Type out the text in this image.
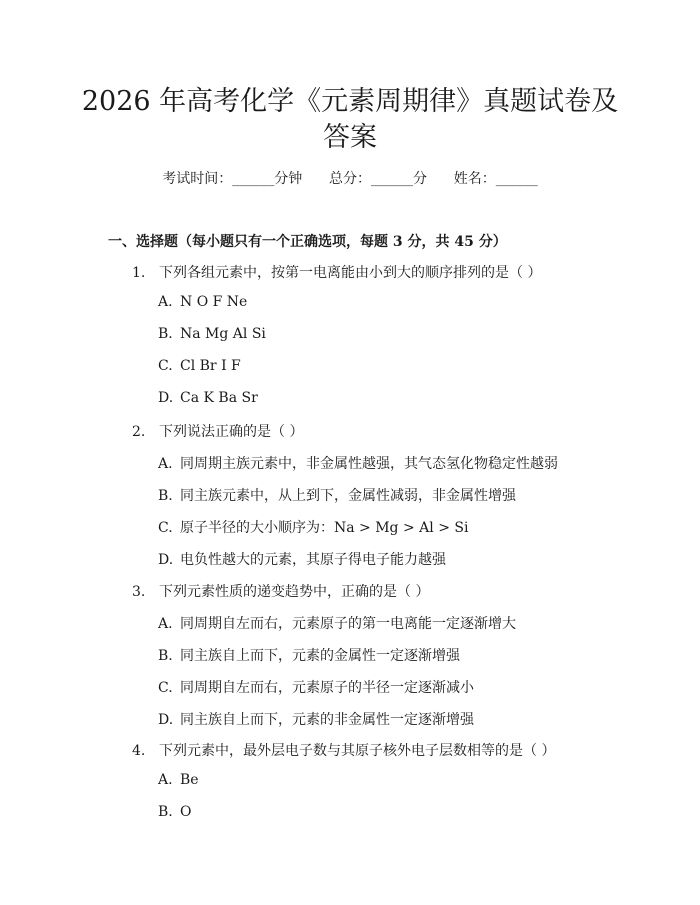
2026 年高考化学《元素周期律》真题试卷及
答案
考试时间：______分钟 总分：______分 姓名：______
一、选择题（每小题只有一个正确选项，每题 3 分，共 45 分）
1. 下列各组元素中，按第一电离能由小到大的顺序排列的是（ ）
A. N O F Ne
B. Na Mg Al Si
C. Cl Br I F
D. Ca K Ba Sr
2. 下列说法正确的是（ ）
A. 同周期主族元素中，非金属性越强，其气态氢化物稳定性越弱
B. 同主族元素中，从上到下，金属性减弱，非金属性增强
C. 原子半径的大小顺序为：Na > Mg > Al > Si
D. 电负性越大的元素，其原子得电子能力越强
3. 下列元素性质的递变趋势中，正确的是（ ）
A. 同周期自左而右，元素原子的第一电离能一定逐渐增大
B. 同主族自上而下，元素的金属性一定逐渐增强
C. 同周期自左而右，元素原子的半径一定逐渐减小
D. 同主族自上而下，元素的非金属性一定逐渐增强
4. 下列元素中，最外层电子数与其原子核外电子层数相等的是（ ）
A. Be
B. O
